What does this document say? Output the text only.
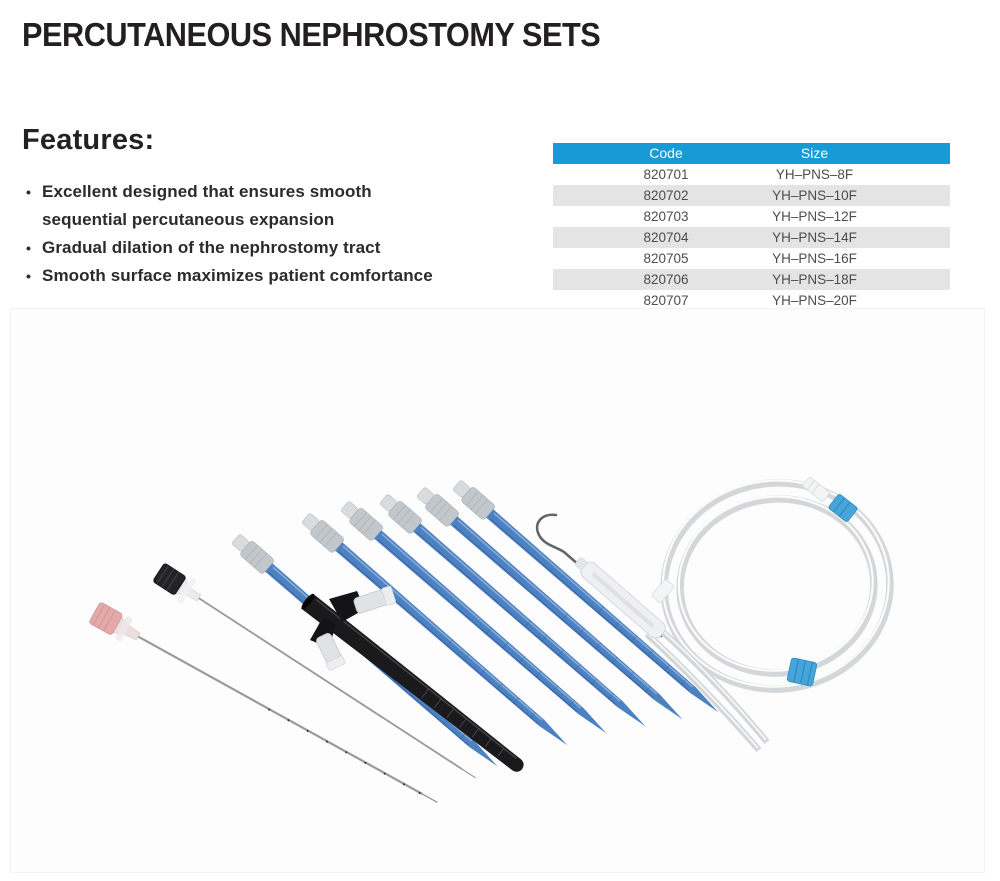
PERCUTANEOUS NEPHROSTOMY SETS
Features:
• Excellent designed that ensures smooth sequential percutaneous expansion
• Gradual dilation of the nephrostomy tract
• Smooth surface maximizes patient comfortance
Code	Size
820701	YH–PNS–8F
820702	YH–PNS–10F
820703	YH–PNS–12F
820704	YH–PNS–14F
820705	YH–PNS–16F
820706	YH–PNS–18F
820707	YH–PNS–20F
